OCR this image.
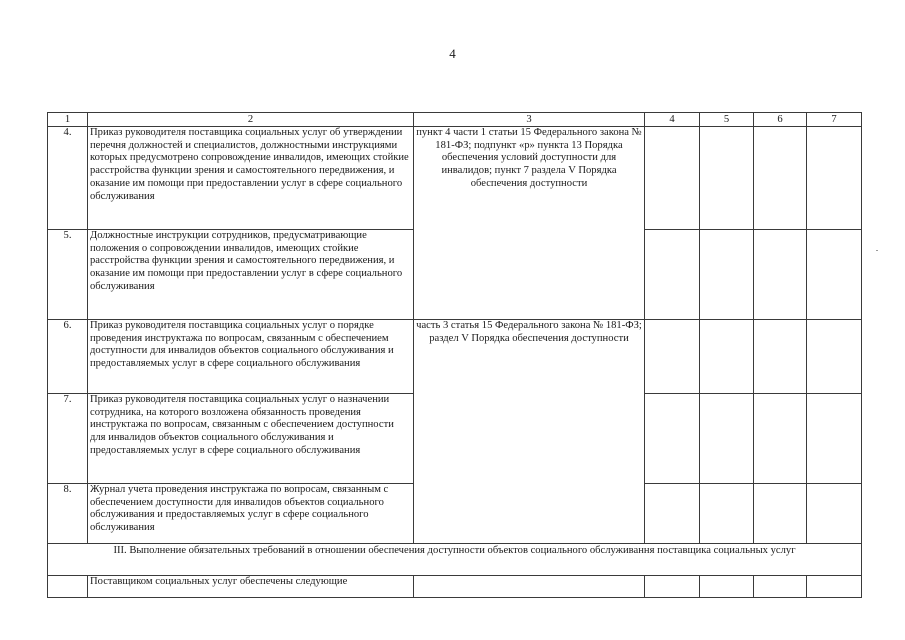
4
1	2	3	4	5	6	7
4.	Приказ руководителя поставщика социальных услуг об утверждении перечня должностей и специалистов, должностными инструкциями которых предусмотрено сопровождение инвалидов, имеющих стойкие расстройства функции зрения и самостоятельного передвижения, и оказание им помощи при предоставлении услуг в сфере социального обслуживания	пункт 4 части 1 статьи 15 Федерального закона № 181-ФЗ; подпункт «р» пункта 13 Порядка обеспечения условий доступности для инвалидов; пункт 7 раздела V Порядка обеспечения доступности				
5.	Должностные инструкции сотрудников, предусматривающие положения о сопровождении инвалидов, имеющих стойкие расстройства функции зрения и самостоятельного передвижения, и оказание им помощи при предоставлении услуг в сфере социального обслуживания					
6.	Приказ руководителя поставщика социальных услуг о порядке проведения инструктажа по вопросам, связанным с обеспечением доступности для инвалидов объектов социального обслуживания и предоставляемых услуг в сфере социального обслуживания	часть 3 статья 15 Федерального закона № 181-ФЗ; раздел V Порядка обеспечения доступности				
7.	Приказ руководителя поставщика социальных услуг о назначении сотрудника, на которого возложена обязанность проведения инструктажа по вопросам, связанным с обеспечением доступности для инвалидов объектов социального обслуживания и предоставляемых услуг в сфере социального обслуживания					
8.	Журнал учета проведения инструктажа по вопросам, связанным с обеспечением доступности для инвалидов объектов социального обслуживания и предоставляемых услуг в сфере социального обслуживания					
III. Выполнение обязательных требований в отношении обеспечения доступности объектов социального обслуживання поставщика социальных услуг						
	Поставщиком социальных услуг обеспечены следующие					
